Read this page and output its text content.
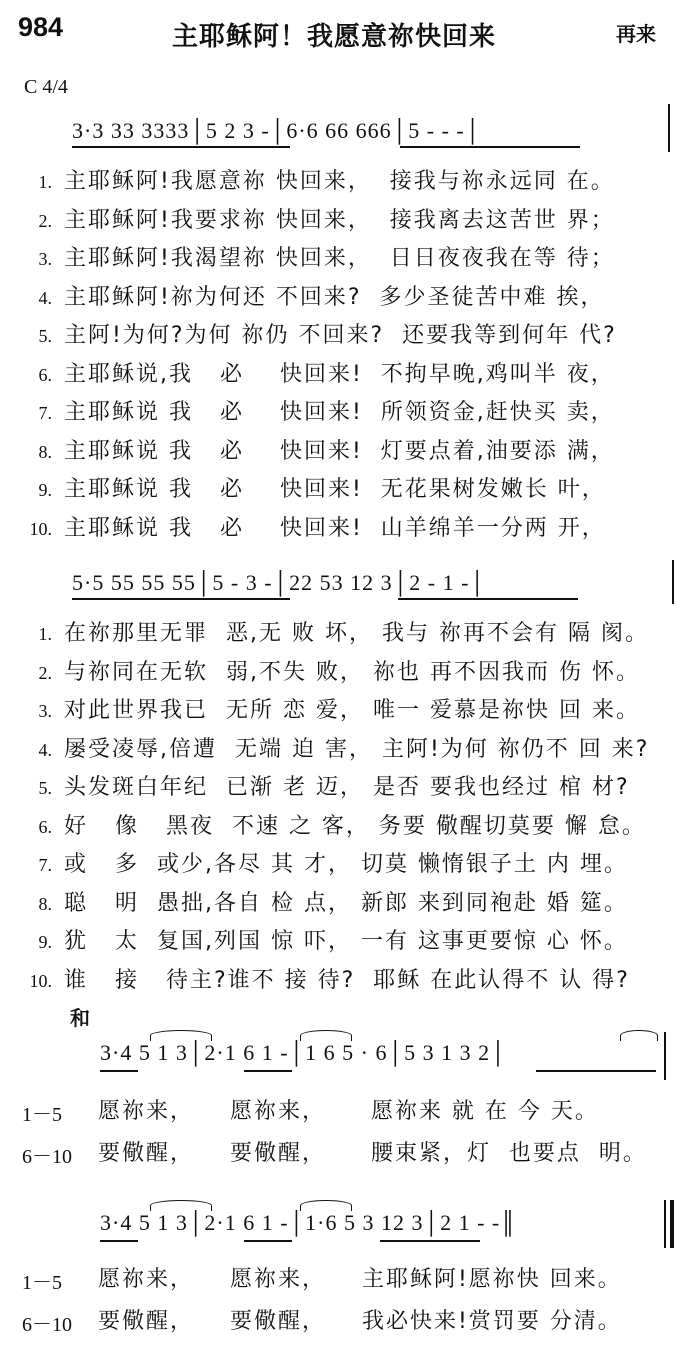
984	主耶稣阿！我愿意祢快回来	再来
C 4/4
3·3 33 3333│5 2 3 -│6·6 66 666│5 - - -│
1. 主耶稣阿!我愿意祢 快回来，  接我与祢永远同 在。
2. 主耶稣阿!我要求祢 快回来，  接我离去这苦世 界；
3. 主耶稣阿!我渴望祢 快回来，  日日夜夜我在等 待；
4. 主耶稣阿!祢为何还 不回来?  多少圣徒苦中难 挨，
5. 主阿!为何?为何 祢仍 不回来?  还要我等到何年 代?
6. 主耶稣说,我   必    快回来!  不拘早晚,鸡叫半 夜，
7. 主耶稣说 我   必    快回来!  所领资金,赶快买 卖，
8. 主耶稣说 我   必    快回来!  灯要点着,油要添 满，
9. 主耶稣说 我   必    快回来!  无花果树发嫩长 叶，
10. 主耶稣说 我   必    快回来!  山羊绵羊一分两 开，
5·5 55 55 55│5 - 3 -│22 53 12 3│2 - 1 -│
1. 在祢那里无罪  恶,无 败 坏， 我与 祢再不会有 隔 阂。
2. 与祢同在无软  弱,不失 败， 祢也 再不因我而 伤 怀。
3. 对此世界我已  无所 恋 爱， 唯一 爱慕是祢快 回 来。
4. 屡受凌辱,倍遭  无端 迫 害， 主阿!为何 祢仍不 回 来?
5. 头发斑白年纪  已渐 老 迈， 是否 要我也经过 棺 材?
6. 好   像   黑夜  不速 之 客， 务要 儆醒切莫要 懈 怠。
7. 或   多  或少,各尽 其 才， 切莫 懒惰银子土 内 埋。
8. 聪   明  愚拙,各自 检 点， 新郎 来到同袍赴 婚 筵。
9. 犹   太  复国,列国 惊 吓， 一有 这事更要惊 心 怀。
10. 谁   接   待主?谁不 接 待?  耶稣 在此认得不 认 得?
和
3·4 5 1 3│2·1 6 1 -│1 6 5 · 6│5 3 1 3 2│
1－5 愿祢来，    愿祢来，     愿祢来 就 在 今 天。
6－10 要儆醒，    要儆醒，     腰束紧，灯  也要点  明。
3·4 5 1 3│2·1 6 1 -│1·6 5 3 12 3│2 1 - -║
1－5 愿祢来，    愿祢来，    主耶稣阿!愿祢快 回来。
6－10 要儆醒，    要儆醒，    我必快来!赏罚要 分清。
